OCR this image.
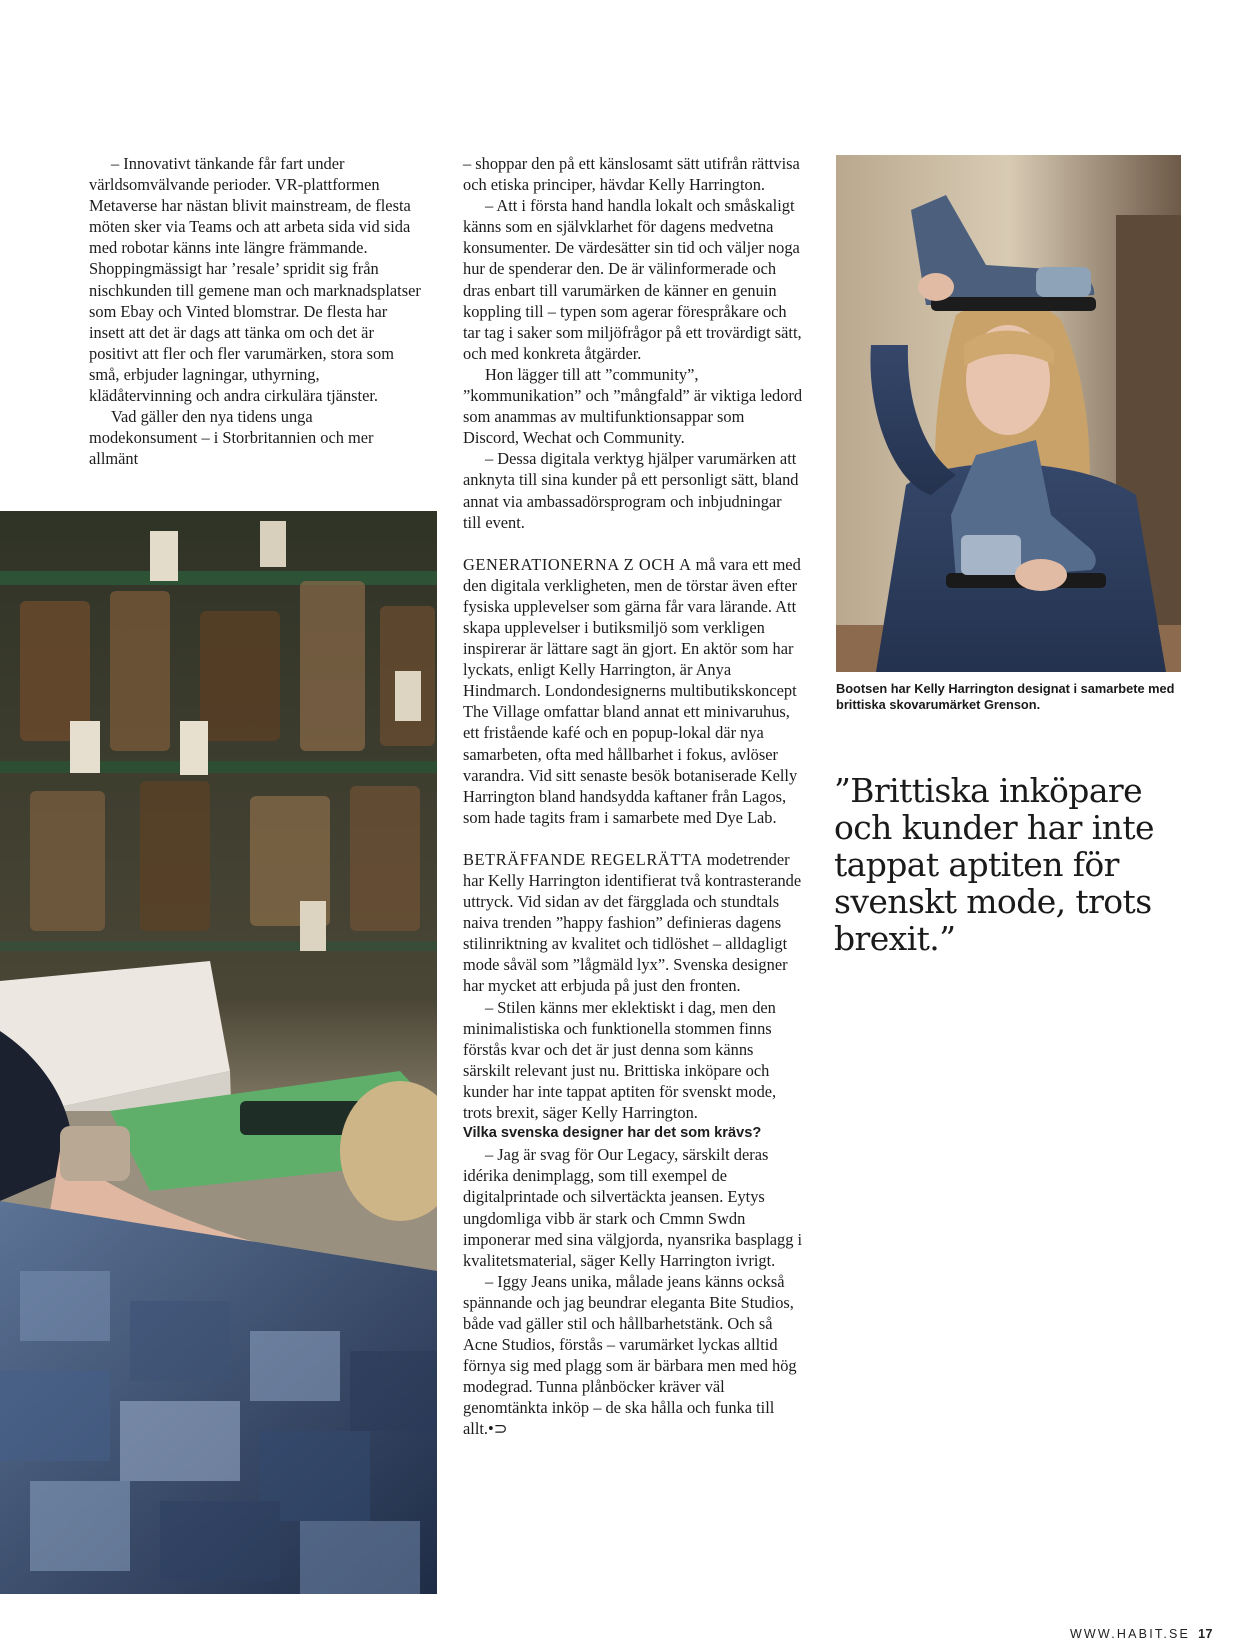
– Innovativt tänkande får fart under världsomvälvande perioder. VR-plattformen Metaverse har nästan blivit mainstream, de flesta möten sker via Teams och att arbeta sida vid sida med robotar känns inte längre främmande. Shoppingmässigt har ’resale’ spridit sig från nischkunden till gemene man och marknadsplatser som Ebay och Vinted blomstrar. De flesta har insett att det är dags att tänka om och det är positivt att fler och fler varumärken, stora som små, erbjuder lagningar, uthyrning, klädåtervinning och andra cirkulära tjänster.

Vad gäller den nya tidens unga modekonsument – i Storbritannien och mer allmänt

– shoppar den på ett känslosamt sätt utifrån rättvisa och etiska principer, hävdar Kelly Harrington.

– Att i första hand handla lokalt och småskaligt känns som en självklarhet för dagens medvetna konsumenter. De värdesätter sin tid och väljer noga hur de spenderar den. De är välinformerade och dras enbart till varumärken de känner en genuin koppling till – typen som agerar förespråkare och tar tag i saker som miljöfrågor på ett trovärdigt sätt, och med konkreta åtgärder.

Hon lägger till att ”community”, ”kommunikation” och ”mångfald” är viktiga ledord som anammas av multifunktionsappar som Discord, Wechat och Community.

– Dessa digitala verktyg hjälper varumärken att anknyta till sina kunder på ett personligt sätt, bland annat via ambassadörsprogram och inbjudningar till event.

GENERATIONERNA Z OCH A må vara ett med den digitala verkligheten, men de törstar även efter fysiska upplevelser som gärna får vara lärande. Att skapa upplevelser i butiksmiljö som verkligen inspirerar är lättare sagt än gjort. En aktör som har lyckats, enligt Kelly Harrington, är Anya Hindmarch. Londondesignerns multibutikskoncept The Village omfattar bland annat ett minivaruhus, ett fristående kafé och en popup-lokal där nya samarbeten, ofta med hållbarhet i fokus, avlöser varandra. Vid sitt senaste besök botaniserade Kelly Harrington bland handsydda kaftaner från Lagos, som hade tagits fram i samarbete med Dye Lab.

BETRÄFFANDE REGELRÄTTA modetrender har Kelly Harrington identifierat två kontrasterande uttryck. Vid sidan av det färgglada och stundtals naiva trenden ”happy fashion” definieras dagens stilinriktning av kvalitet och tidlöshet – alldagligt mode såväl som ”lågmäld lyx”. Svenska designer har mycket att erbjuda på just den fronten.

– Stilen känns mer eklektiskt i dag, men den minimalistiska och funktionella stommen finns förstås kvar och det är just denna som känns särskilt relevant just nu. Brittiska inköpare och kunder har inte tappat aptiten för svenskt mode, trots brexit, säger Kelly Harrington.

Vilka svenska designer har det som krävs?

– Jag är svag för Our Legacy, särskilt deras idérika denimplagg, som till exempel de digitalprintade och silvertäckta jeansen. Eytys ungdomliga vibb är stark och Cmmn Swdn imponerar med sina välgjorda, nyansrika basplagg i kvalitetsmaterial, säger Kelly Harrington ivrigt.

– Iggy Jeans unika, målade jeans känns också spännande och jag beundrar eleganta Bite Studios, både vad gäller stil och hållbarhetstänk. Och så Acne Studios, förstås – varumärket lyckas alltid förnya sig med plagg som är bärbara men med hög modegrad. Tunna plånböcker kräver väl genomtänkta inköp – de ska hålla och funka till allt.•⊃

Bootsen har Kelly Harrington designat i samarbete med brittiska skovarumärket Grenson.
”Brittiska inköpare och kunder har inte tappat aptiten för svenskt mode, trots brexit.”
WWW.HABIT.SE 17
